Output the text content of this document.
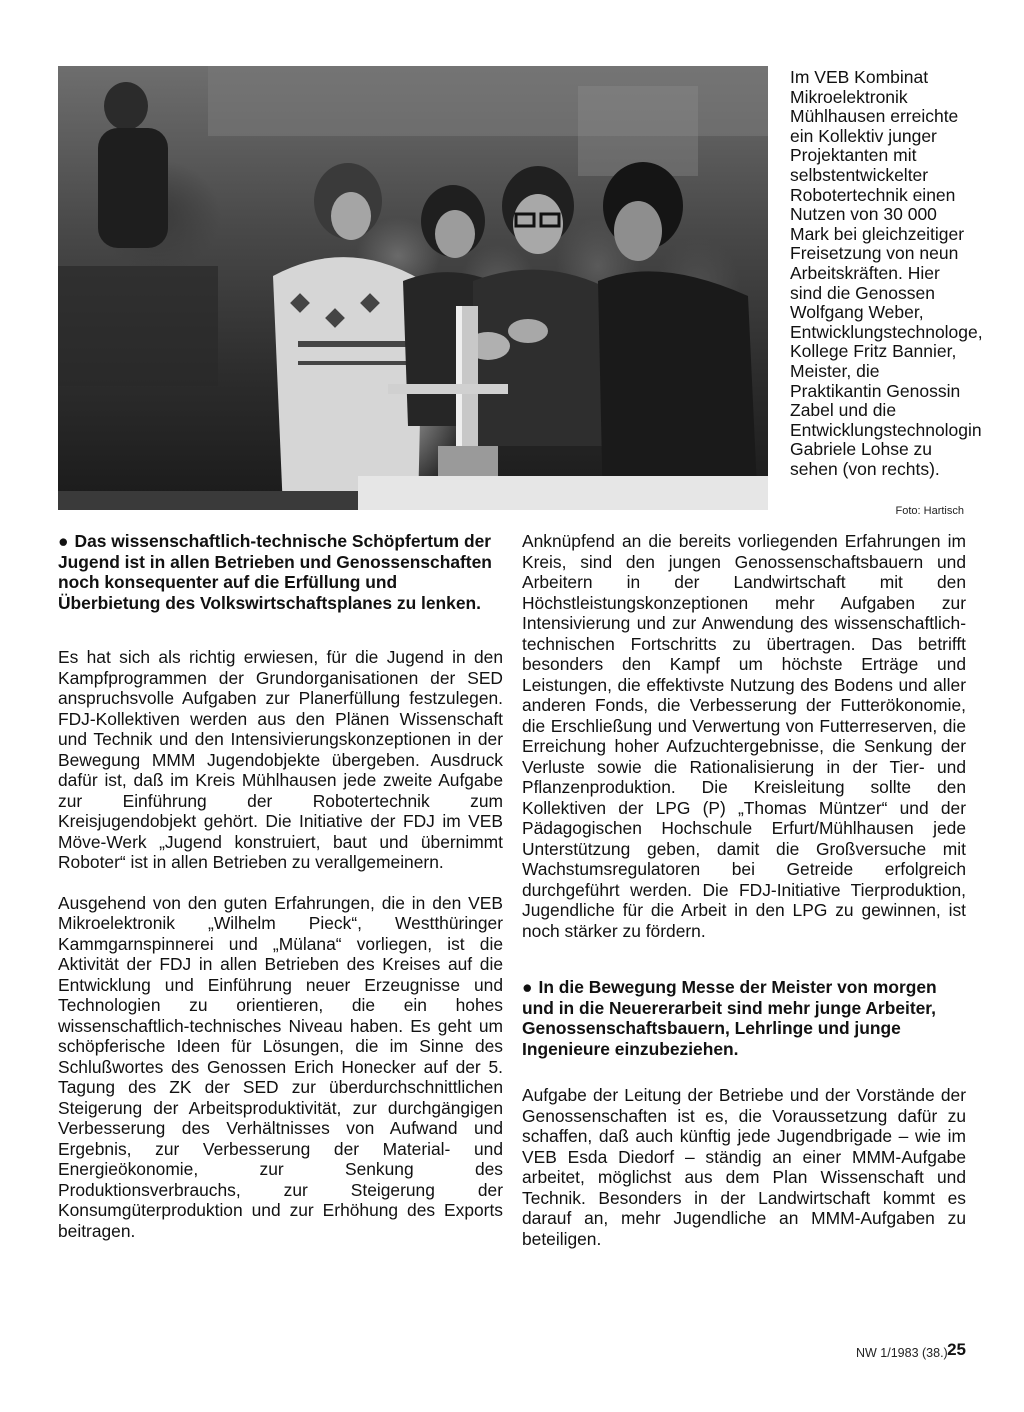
Im VEB Kombinat Mikroelektronik Mühlhausen erreichte ein Kollektiv junger Projektanten mit selbstentwickelter Robotertechnik einen Nutzen von 30 000 Mark bei gleichzeitiger Freisetzung von neun Arbeitskräften. Hier sind die Genossen Wolfgang Weber, Entwicklungstechnologe, Kollege Fritz Bannier, Meister, die Praktikantin Genossin Zabel und die Entwicklungstechnologin Gabriele Lohse zu sehen (von rechts).

Foto: Hartisch

● Das wissenschaftlich-technische Schöpfertum der Jugend ist in allen Betrieben und Genossenschaften noch konsequenter auf die Erfüllung und Überbietung des Volkswirtschaftsplanes zu lenken.

Es hat sich als richtig erwiesen, für die Jugend in den Kampfprogrammen der Grundorganisationen der SED anspruchsvolle Aufgaben zur Planerfüllung festzulegen. FDJ-Kollektiven werden aus den Plänen Wissenschaft und Technik und den Intensivierungskonzeptionen in der Bewegung MMM Jugendobjekte übergeben. Ausdruck dafür ist, daß im Kreis Mühlhausen jede zweite Aufgabe zur Einführung der Robotertechnik zum Kreisjugendobjekt gehört. Die Initiative der FDJ im VEB Möve-Werk „Jugend konstruiert, baut und übernimmt Roboter“ ist in allen Betrieben zu verallgemeinern.

Ausgehend von den guten Erfahrungen, die in den VEB Mikroelektronik „Wilhelm Pieck“, Westthüringer Kammgarnspinnerei und „Mülana“ vorliegen, ist die Aktivität der FDJ in allen Betrieben des Kreises auf die Entwicklung und Einführung neuer Erzeugnisse und Technologien zu orientieren, die ein hohes wissenschaftlich-technisches Niveau haben. Es geht um schöpferische Ideen für Lösungen, die im Sinne des Schlußwortes des Genossen Erich Honecker auf der 5. Tagung des ZK der SED zur überdurchschnittlichen Steigerung der Arbeitsproduktivität, zur durchgängigen Verbesserung des Verhältnisses von Aufwand und Ergebnis, zur Verbesserung der Material- und Energieökonomie, zur Senkung des Produktionsverbrauchs, zur Steigerung der Konsumgüterproduktion und zur Erhöhung des Exports beitragen.

Anknüpfend an die bereits vorliegenden Erfahrungen im Kreis, sind den jungen Genossenschaftsbauern und Arbeitern in der Landwirtschaft mit den Höchstleistungskonzeptionen mehr Aufgaben zur Intensivierung und zur Anwendung des wissenschaftlich-technischen Fortschritts zu übertragen. Das betrifft besonders den Kampf um höchste Erträge und Leistungen, die effektivste Nutzung des Bodens und aller anderen Fonds, die Verbesserung der Futterökonomie, die Erschließung und Verwertung von Futterreserven, die Erreichung hoher Aufzuchtergebnisse, die Senkung der Verluste sowie die Rationalisierung in der Tier- und Pflanzenproduktion. Die Kreisleitung sollte den Kollektiven der LPG (P) „Thomas Müntzer“ und der Pädagogischen Hochschule Erfurt/Mühlhausen jede Unterstützung geben, damit die Großversuche mit Wachstumsregulatoren bei Getreide erfolgreich durchgeführt werden. Die FDJ-Initiative Tierproduktion, Jugendliche für die Arbeit in den LPG zu gewinnen, ist noch stärker zu fördern.

● In die Bewegung Messe der Meister von morgen und in die Neuererarbeit sind mehr junge Arbeiter, Genossenschaftsbauern, Lehrlinge und junge Ingenieure einzubeziehen.

Aufgabe der Leitung der Betriebe und der Vorstände der Genossenschaften ist es, die Voraussetzung dafür zu schaffen, daß auch künftig jede Jugendbrigade – wie im VEB Esda Diedorf – ständig an einer MMM-Aufgabe arbeitet, möglichst aus dem Plan Wissenschaft und Technik. Besonders in der Landwirtschaft kommt es darauf an, mehr Jugendliche an MMM-Aufgaben zu beteiligen.

NW 1/1983 (38.) 25
